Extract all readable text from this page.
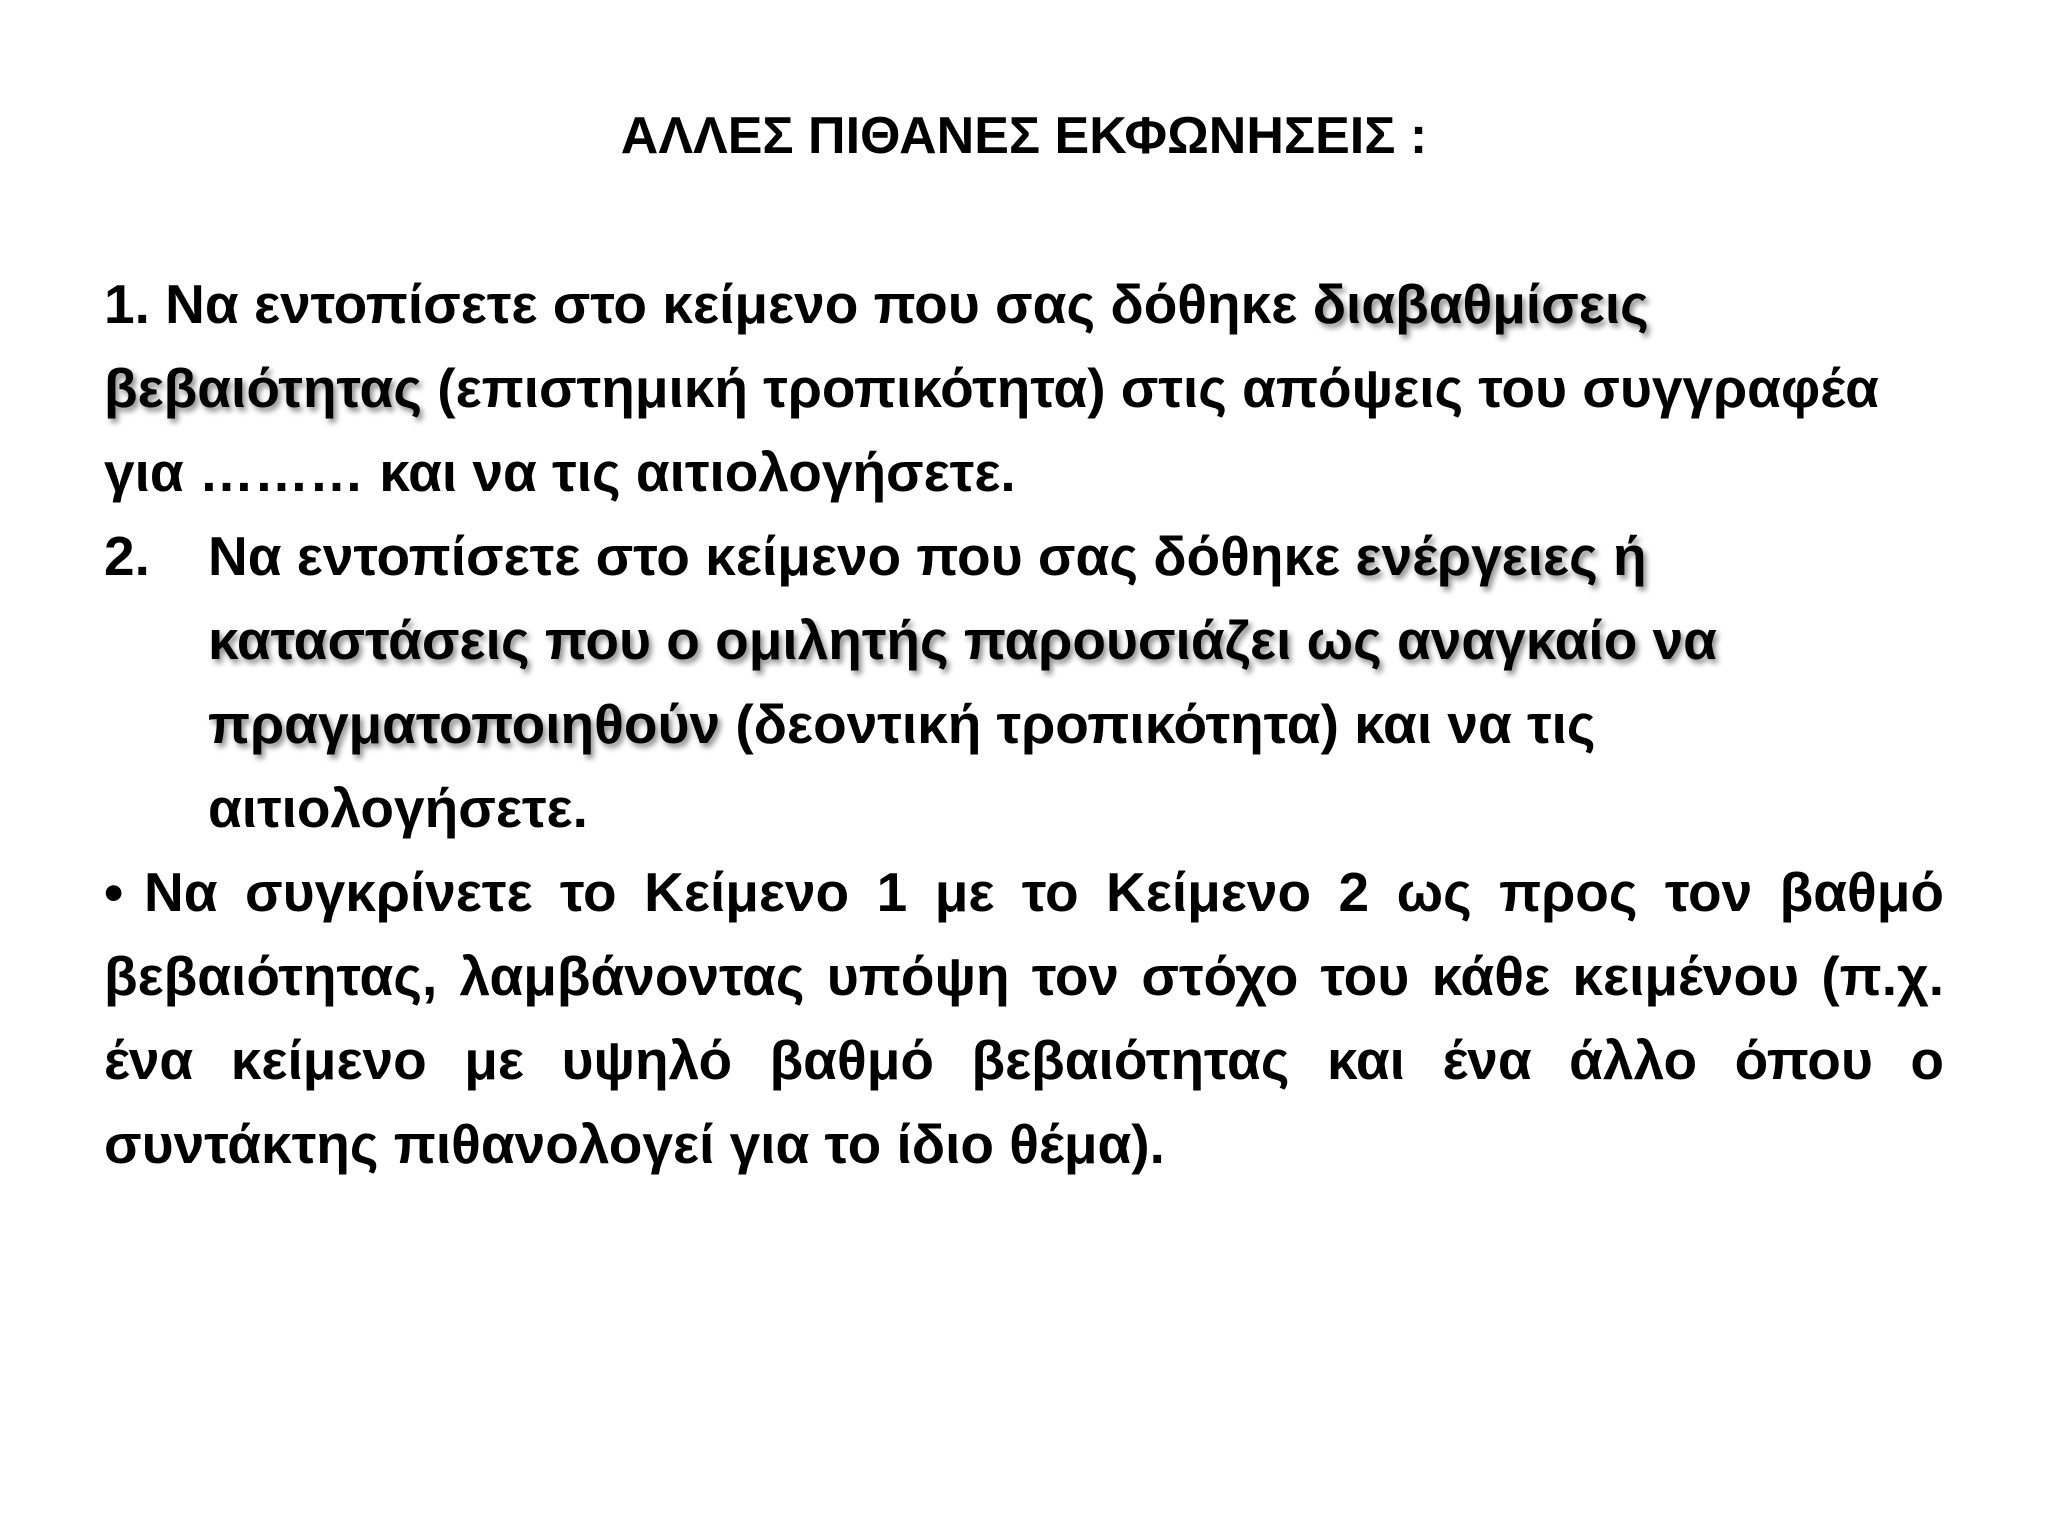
ΑΛΛΕΣ ΠΙΘΑΝΕΣ ΕΚΦΩΝΗΣΕΙΣ :

1. Να εντοπίσετε στο κείμενο που σας δόθηκε διαβαθμίσεις βεβαιότητας (επιστημική τροπικότητα) στις απόψεις του συγγραφέα για ……… και να τις αιτιολογήσετε.

2.	Να εντοπίσετε στο κείμενο που σας δόθηκε ενέργειες ή καταστάσεις που ο ομιλητής παρουσιάζει ως αναγκαίο να πραγματοποιηθούν (δεοντική τροπικότητα) και να τις αιτιολογήσετε.

• Να συγκρίνετε το Κείμενο 1 με το Κείμενο 2 ως προς τον βαθμό βεβαιότητας, λαμβάνοντας υπόψη τον στόχο του κάθε κειμένου (π.χ. ένα κείμενο με υψηλό βαθμό βεβαιότητας και ένα άλλο όπου ο συντάκτης πιθανολογεί για το ίδιο θέμα).
